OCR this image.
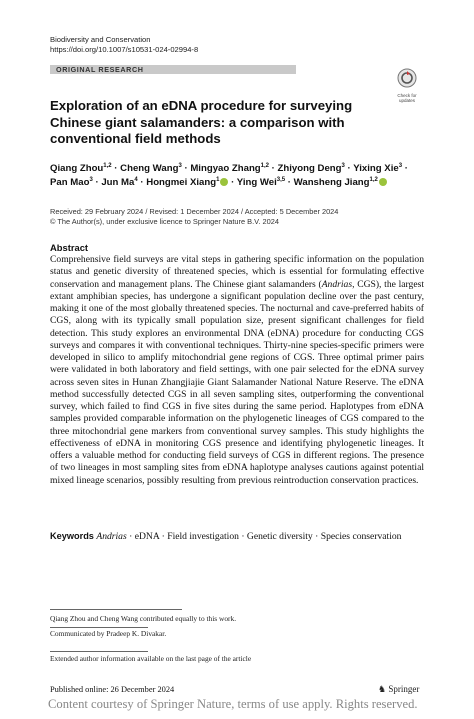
Biodiversity and Conservation
https://doi.org/10.1007/s10531-024-02994-8
ORIGINAL RESEARCH
Check for
updates
Exploration of an eDNA procedure for surveying Chinese giant salamanders: a comparison with conventional field methods
Qiang Zhou$^{1,2}$ · Cheng Wang$^3$ · Mingyao Zhang$^{1,2}$ · Zhiyong Deng$^3$ · Yixing Xie$^3$ ·
Pan Mao$^3$ · Jun $Ma^4$ · Hongmei Xiang$^1$ · Ying Wei$^{3,5}$ · Wansheng Jiang$^{1,2}$
Received: 29 February 2024 / Revised: 1 December 2024 / Accepted: 5 December 2024
© The Author(s), under exclusive licence to Springer Nature B.V. 2024
Abstract
Comprehensive field surveys are vital steps in gathering specific information on the population status and genetic diversity of threatened species, which is essential for formulating effective conservation and management plans. The Chinese giant salamanders (Andrias, CGS), the largest extant amphibian species, has undergone a significant population decline over the past century, making it one of the most globally threatened species. The nocturnal and cave-preferred habits of CGS, along with its typically small population size, present significant challenges for field detection. This study explores an environmental DNA (eDNA) procedure for conducting CGS surveys and compares it with conventional techniques. Thirty-nine species-specific primers were developed in silico to amplify mitochondrial gene regions of CGS. Three optimal primer pairs were validated in both laboratory and field settings, with one pair selected for the eDNA survey across seven sites in Hunan Zhangjiajie Giant Salamander National Nature Reserve. The eDNA method successfully detected CGS in all seven sampling sites, outperforming the conventional survey, which failed to find CGS in five sites during the same period. Haplotypes from eDNA samples provided comparable information on the phylogenetic lineages of CGS compared to the three mitochondrial gene markers from conventional survey samples. This study highlights the effectiveness of eDNA in monitoring CGS presence and identifying phylogenetic lineages. It offers a valuable method for conducting field surveys of CGS in different regions. The presence of two lineages in most sampling sites from eDNA haplotype analyses cautions against potential mixed lineage scenarios, possibly resulting from previous reintroduction conservation practices.
Keywords Andrias · eDNA · Field investigation · Genetic diversity · Species conservation
Qiang Zhou and Cheng Wang contributed equally to this work.
Communicated by Pradeep K. Divakar.
Extended author information available on the last page of the article
Published online: 26 December 2024	♞ Springer
Content courtesy of Springer Nature, terms of use apply. Rights reserved.
